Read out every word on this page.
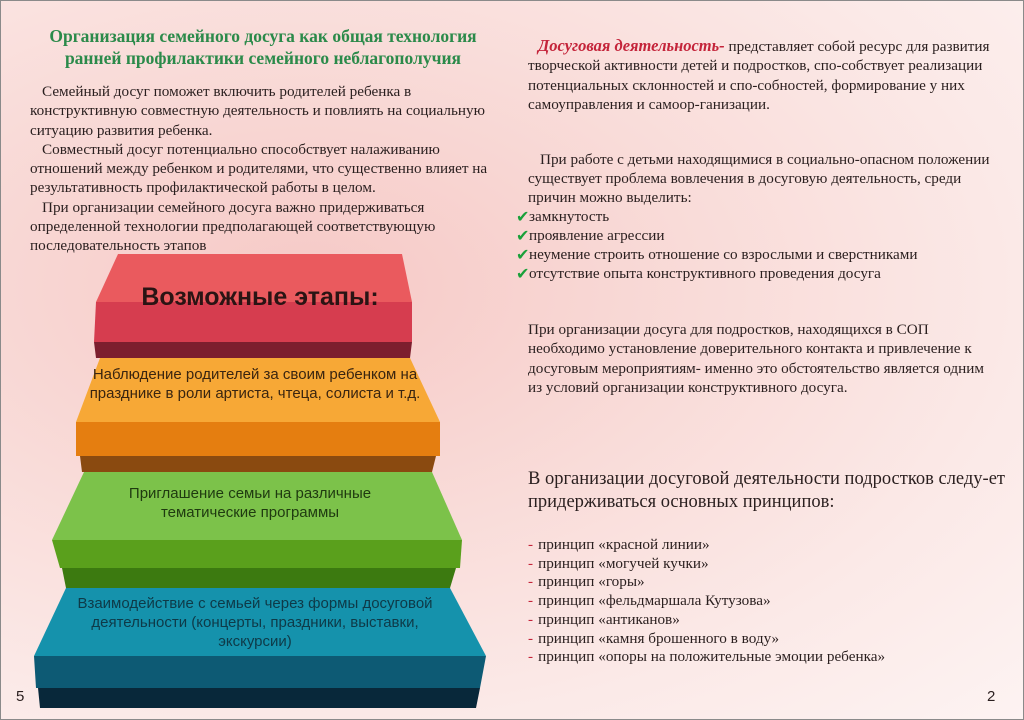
Организация семейного досуга как общая технология
ранней профилактики семейного неблагополучия

Семейный досуг поможет включить родителей ребенка в конструктивную совместную деятельность и повлиять на социальную ситуацию развития ребенка.

Совместный досуг потенциально способствует налаживанию отношений между ребенком и родителями, что существенно влияет на результативность профилактической работы в целом.

При организации семейного досуга важно придерживаться определенной технологии предполагающей соответствующую последовательность этапов

Возможные этапы:
Наблюдение родителей за своим ребенком на празднике в роли артиста, чтеца, солиста и т.д.
Приглашение семьи на различные тематические программы
Взаимодействие с семьей через формы досуговой деятельности (концерты, праздники, выставки, экскурсии)
5

Досуговая деятельность- представляет собой ресурс для развития творческой активности детей и подростков, спо-собствует реализации потенциальных склонностей и спо-собностей, формирование у них самоуправления и самоор-ганизации.

При работе с детьми находящимися в социально-опасном положении существует проблема вовлечения в досуговую деятельность, среди причин можно выделить:

✔ замкнутость
✔ проявление агрессии
✔ неумение строить отношение со взрослыми и сверстниками
✔ отсутствие опыта конструктивного проведения досуга

При организации досуга для подростков, находящихся в СОП необходимо установление доверительного контакта и привлечение к досуговым мероприятиям- именно это обстоятельство является одним из условий организации конструктивного досуга.

В организации досуговой деятельности подростков следу-ет придерживаться основных принципов:

- принцип «красной линии»
- принцип «могучей кучки»
- принцип «горы»
- принцип «фельдмаршала Кутузова»
- принцип «антиканов»
- принцип «камня брошенного в воду»
- принцип «опоры на положительные эмоции ребенка»
2
